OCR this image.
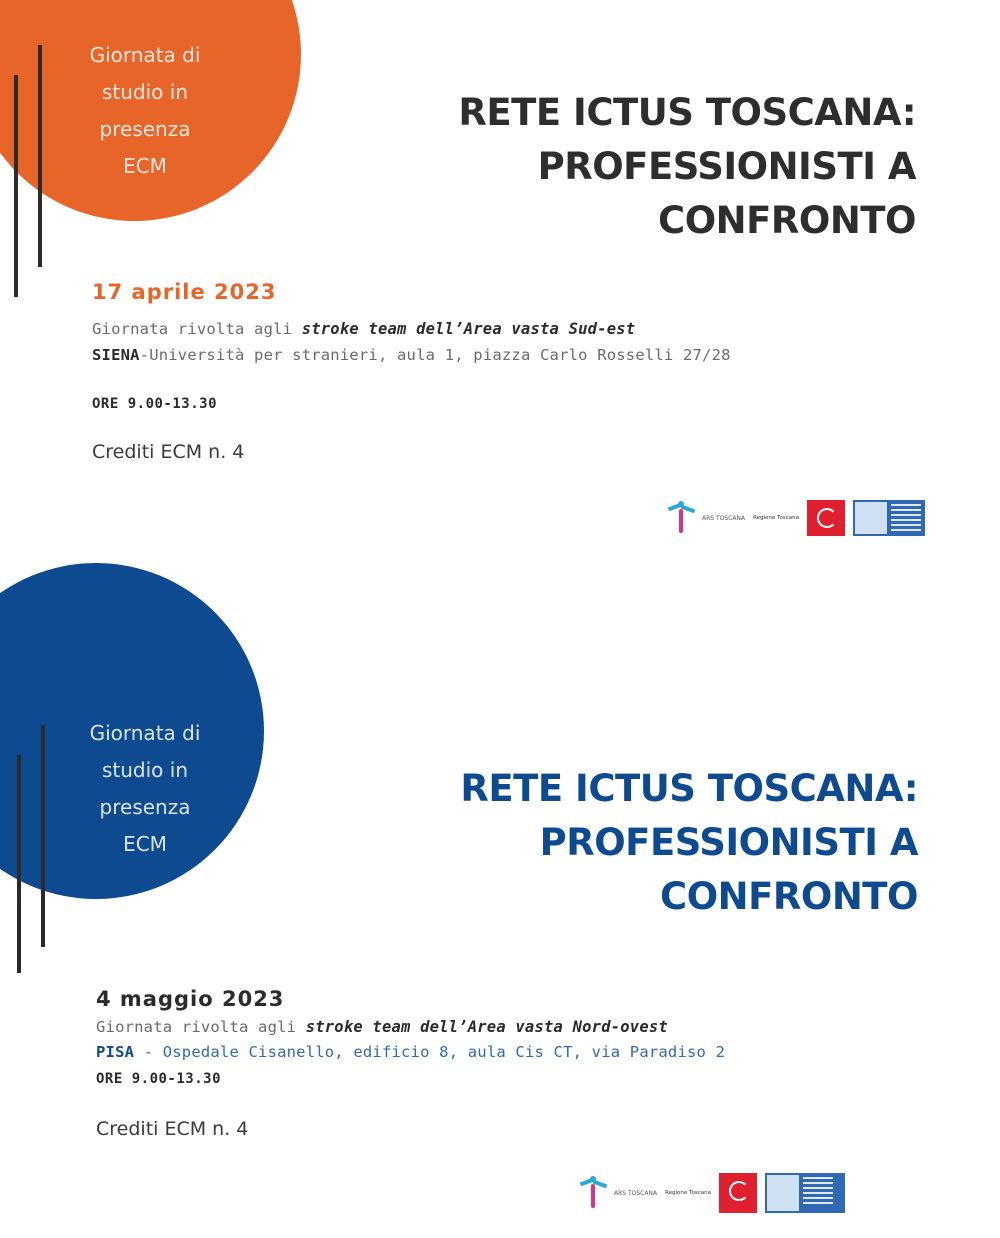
Giornata di
studio in
presenza
ECM
RETE ICTUS TOSCANA:
PROFESSIONISTI A
CONFRONTO
17 aprile 2023
Giornata rivolta agli stroke team dell’Area vasta Sud-est
SIENA-Università per stranieri, aula 1, piazza Carlo Rosselli 27/28
ORE 9.00-13.30
Crediti ECM n. 4
ARS TOSCANA Regione Toscana
Giornata di
studio in
presenza
ECM
RETE ICTUS TOSCANA:
PROFESSIONISTI A
CONFRONTO
4 maggio 2023
Giornata rivolta agli stroke team dell’Area vasta Nord-ovest
PISA - Ospedale Cisanello, edificio 8, aula Cis CT, via Paradiso 2
ORE 9.00-13.30
Crediti ECM n. 4
ARS TOSCANA Regione Toscana
